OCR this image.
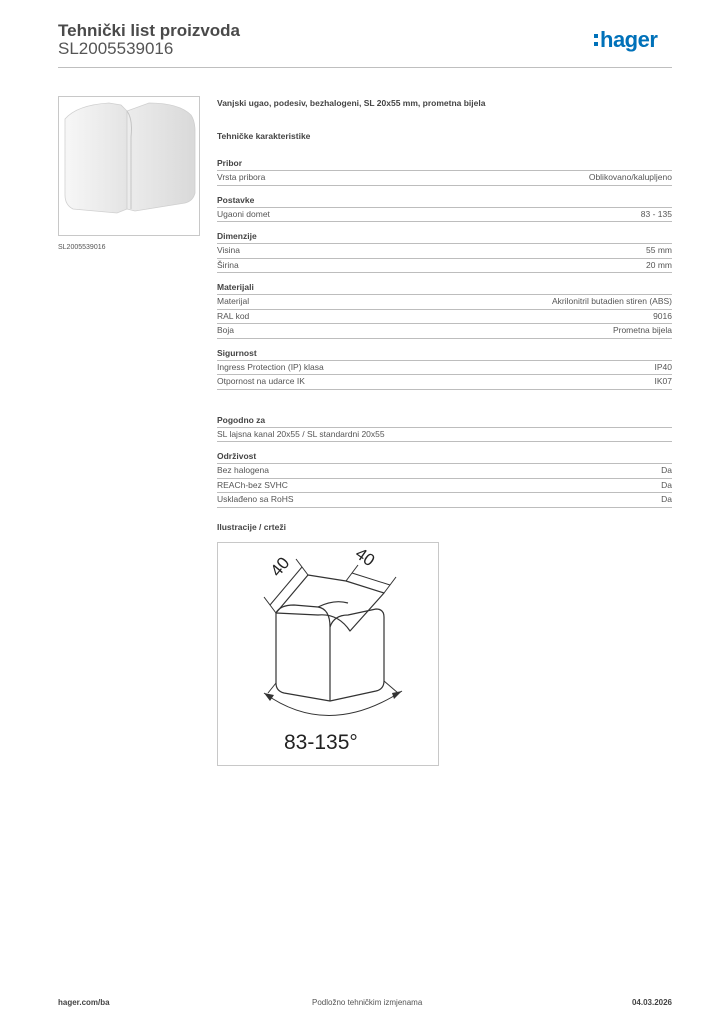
Tehnički list proizvoda
SL2005539016	hager
SL2005539016

Vanjski ugao, podesiv, bezhalogeni, SL 20x55 mm, prometna bijela

Tehničke karakteristike

Pribor
Vrsta pribora	Oblikovano/kalupljeno
Postavke
Ugaoni domet	83 - 135
Dimenzije
Visina	55 mm
Širina	20 mm
Materijali
Materijal	Akrilonitril butadien stiren (ABS)
RAL kod	9016
Boja	Prometna bijela
Sigurnost
Ingress Protection (IP) klasa	IP40
Otpornost na udarce IK	IK07
Pogodno za
SL lajsna kanal 20x55 / SL standardni 20x55
Održivost
Bez halogena	Da
REACh-bez SVHC	Da
Usklađeno sa RoHS	Da

Ilustracije / crteži

40	40
83-135°
hager.com/ba	Podložno tehničkim izmjenama	04.03.2026
